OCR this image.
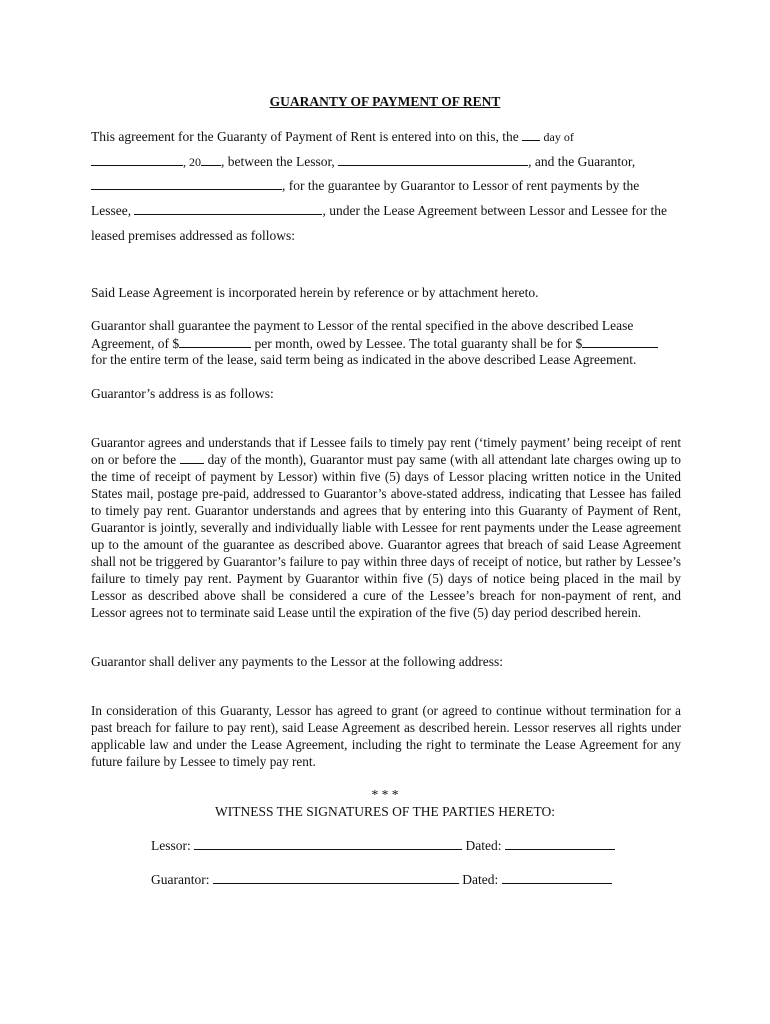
GUARANTY OF PAYMENT OF RENT

This agreement for the Guaranty of Payment of Rent is entered into on this, the day of

, 20 , between the Lessor,	, and the Guarantor,

, for the guarantee by Guarantor to Lessor of rent payments by the

Lessee,	, under the Lease Agreement between Lessor and Lessee for the

leased premises addressed as follows:

Said Lease Agreement is incorporated herein by reference or by attachment hereto.

Guarantor shall guarantee the payment to Lessor of the rental specified in the above described Lease

Agreement, of $	per month, owed by Lessee. The total guaranty shall be for $

for the entire term of the lease, said term being as indicated in the above described Lease Agreement.

Guarantor’s address is as follows:

Guarantor agrees and understands that if Lessee fails to timely pay rent (‘timely payment’ being receipt of rent on or before the day of the month), Guarantor must pay same (with all attendant late charges owing up to the time of receipt of payment by Lessor) within five (5) days of Lessor placing written notice in the United States mail, postage pre-paid, addressed to Guarantor’s above-stated address, indicating that Lessee has failed to timely pay rent. Guarantor understands and agrees that by entering into this Guaranty of Payment of Rent, Guarantor is jointly, severally and individually liable with Lessee for rent payments under the Lease agreement up to the amount of the guarantee as described above. Guarantor agrees that breach of said Lease Agreement shall not be triggered by Guarantor’s failure to pay within three days of receipt of notice, but rather by Lessee’s failure to timely pay rent. Payment by Guarantor within five (5) days of notice being placed in the mail by Lessor as described above shall be considered a cure of the Lessee’s breach for non-payment of rent, and Lessor agrees not to terminate said Lease until the expiration of the five (5) day period described herein.

Guarantor shall deliver any payments to the Lessor at the following address:

In consideration of this Guaranty, Lessor has agreed to grant (or agreed to continue without termination for a past breach for failure to pay rent), said Lease Agreement as described herein. Lessor reserves all rights under applicable law and under the Lease Agreement, including the right to terminate the Lease Agreement for any future failure by Lessee to timely pay rent.

* * *

WITNESS THE SIGNATURES OF THE PARTIES HERETO:

Lessor:	Dated:

Guarantor:	Dated:
